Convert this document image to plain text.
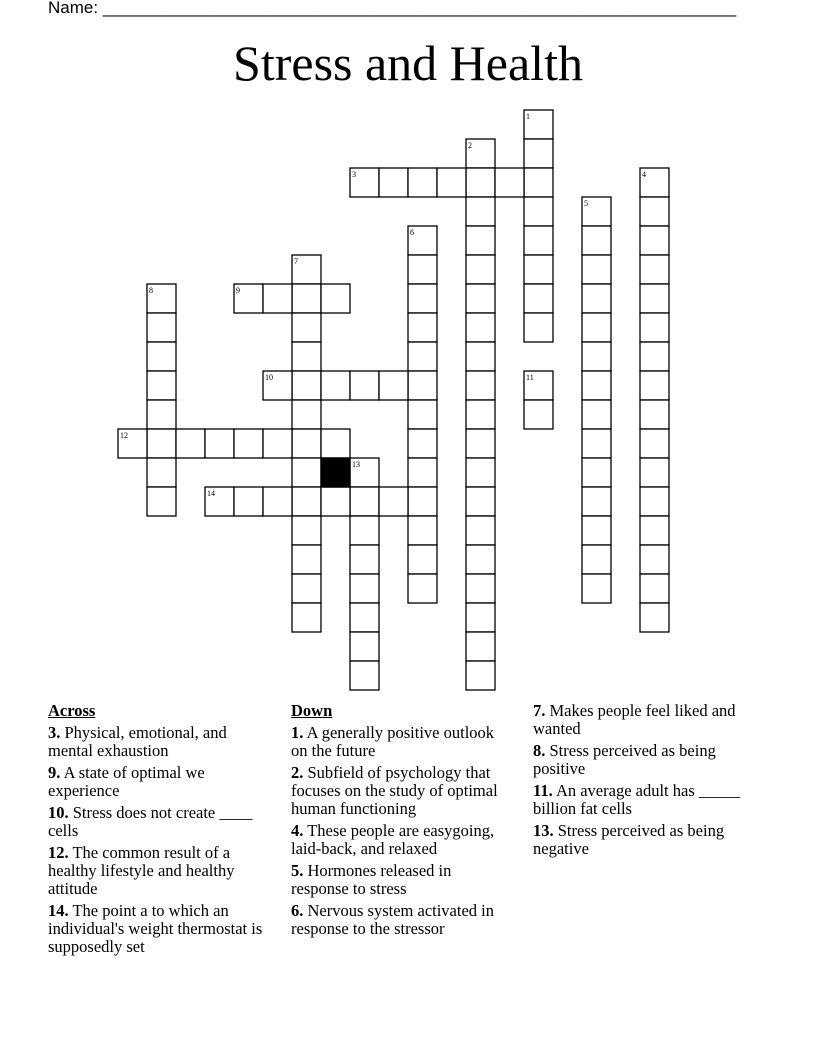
Name: ___________________________________________________________________
Stress and Health
1
2
3	4
5
6
7
8	9
10	11
12
13
14
Across
3. Physical, emotional, and mental exhaustion
9. A state of optimal we experience
10. Stress does not create ____ cells
12. The common result of a healthy lifestyle and healthy attitude
14. The point a to which an individual's weight thermostat is supposedly set
Down
1. A generally positive outlook on the future
2. Subfield of psychology that focuses on the study of optimal human functioning
4. These people are easygoing, laid-back, and relaxed
5. Hormones released in response to stress
6. Nervous system activated in response to the stressor
7. Makes people feel liked and wanted
8. Stress perceived as being positive
11. An average adult has _____ billion fat cells
13. Stress perceived as being negative
